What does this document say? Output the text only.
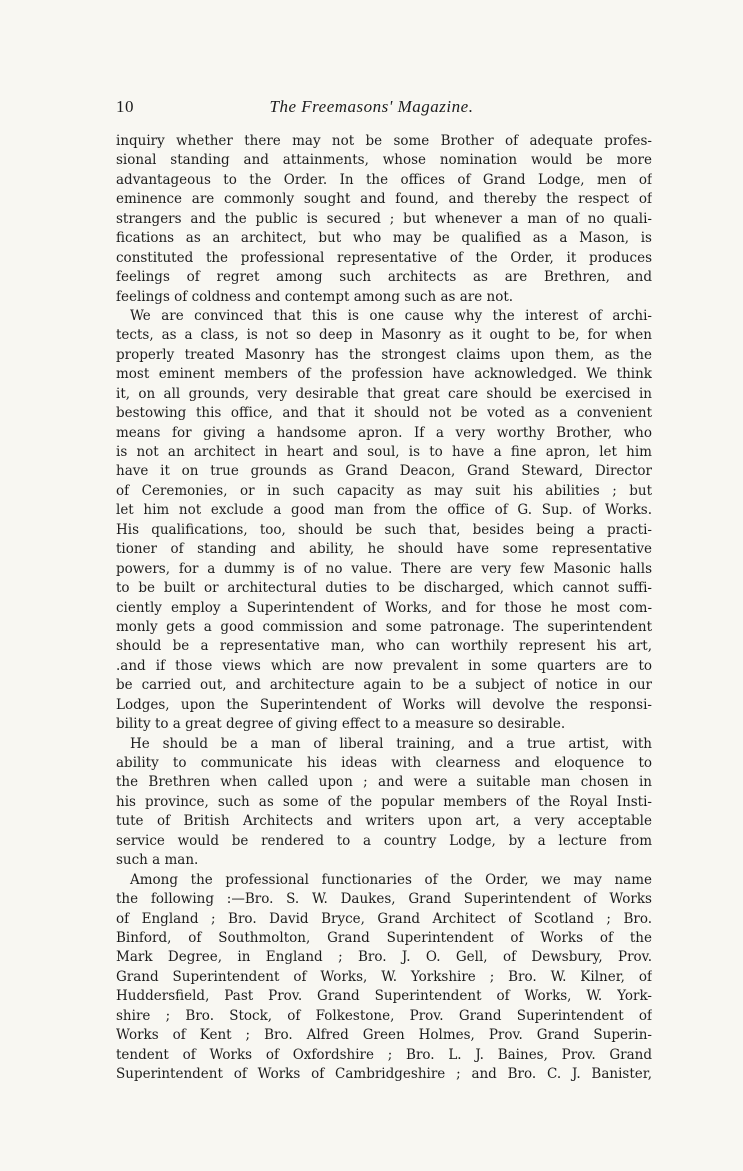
10	The Freemasons' Magazine.
inquiry whether there may not be some Brother of adequate profes-
sional standing and attainments, whose nomination would be more
advantageous to the Order. In the offices of Grand Lodge, men of
eminence are commonly sought and found, and thereby the respect of
strangers and the public is secured ; but whenever a man of no quali-
fications as an architect, but who may be qualified as a Mason, is
constituted the professional representative of the Order, it produces
feelings of regret among such architects as are Brethren, and
feelings of coldness and contempt among such as are not.
We are convinced that this is one cause why the interest of archi-
tects, as a class, is not so deep in Masonry as it ought to be, for when
properly treated Masonry has the strongest claims upon them, as the
most eminent members of the profession have acknowledged. We think
it, on all grounds, very desirable that great care should be exercised in
bestowing this office, and that it should not be voted as a convenient
means for giving a handsome apron. If a very worthy Brother, who
is not an architect in heart and soul, is to have a fine apron, let him
have it on true grounds as Grand Deacon, Grand Steward, Director
of Ceremonies, or in such capacity as may suit his abilities ; but
let him not exclude a good man from the office of G. Sup. of Works.
His qualifications, too, should be such that, besides being a practi-
tioner of standing and ability, he should have some representative
powers, for a dummy is of no value. There are very few Masonic halls
to be built or architectural duties to be discharged, which cannot suffi-
ciently employ a Superintendent of Works, and for those he most com-
monly gets a good commission and some patronage. The superintendent
should be a representative man, who can worthily represent his art,
.and if those views which are now prevalent in some quarters are to
be carried out, and architecture again to be a subject of notice in our
Lodges, upon the Superintendent of Works will devolve the responsi-
bility to a great degree of giving effect to a measure so desirable.
He should be a man of liberal training, and a true artist, with
ability to communicate his ideas with clearness and eloquence to
the Brethren when called upon ; and were a suitable man chosen in
his province, such as some of the popular members of the Royal Insti-
tute of British Architects and writers upon art, a very acceptable
service would be rendered to a country Lodge, by a lecture from
such a man.
Among the professional functionaries of the Order, we may name
the following :—Bro. S. W. Daukes, Grand Superintendent of Works
of England ; Bro. David Bryce, Grand Architect of Scotland ; Bro.
Binford, of Southmolton, Grand Superintendent of Works of the
Mark Degree, in England ; Bro. J. O. Gell, of Dewsbury, Prov.
Grand Superintendent of Works, W. Yorkshire ; Bro. W. Kilner, of
Huddersfield, Past Prov. Grand Superintendent of Works, W. York-
shire ; Bro. Stock, of Folkestone, Prov. Grand Superintendent of
Works of Kent ; Bro. Alfred Green Holmes, Prov. Grand Superin-
tendent of Works of Oxfordshire ; Bro. L. J. Baines, Prov. Grand
Superintendent of Works of Cambridgeshire ; and Bro. C. J. Banister,
